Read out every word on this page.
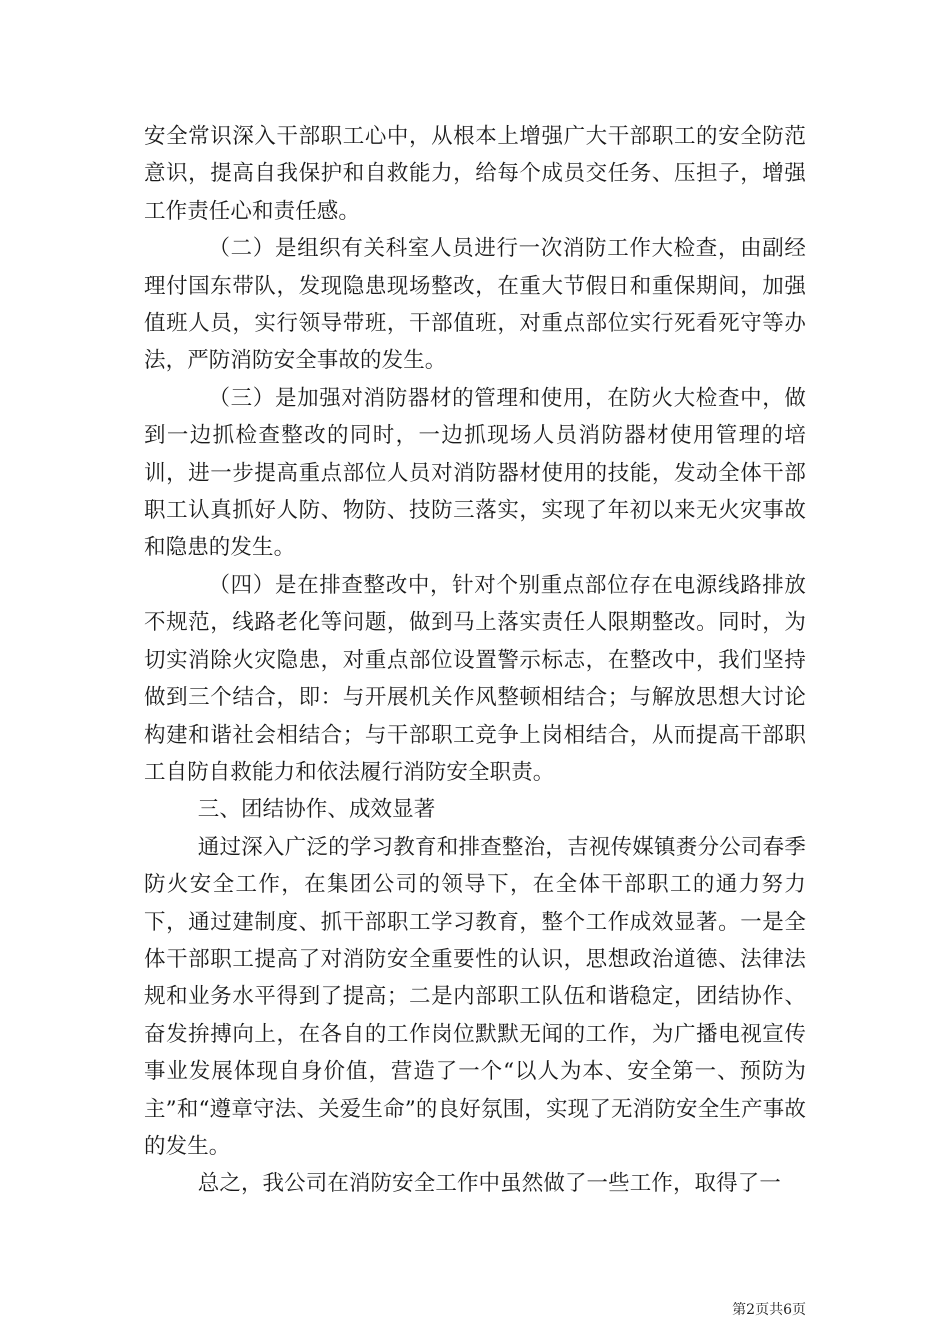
安全常识深入干部职工心中，从根本上增强广大干部职工的安全防范意识，提高自我保护和自救能力，给每个成员交任务、压担子，增强工作责任心和责任感。

（二）是组织有关科室人员进行一次消防工作大检查，由副经理付国东带队，发现隐患现场整改，在重大节假日和重保期间，加强值班人员，实行领导带班，干部值班，对重点部位实行死看死守等办法，严防消防安全事故的发生。

（三）是加强对消防器材的管理和使用，在防火大检查中，做到一边抓检查整改的同时，一边抓现场人员消防器材使用管理的培训，进一步提高重点部位人员对消防器材使用的技能，发动全体干部职工认真抓好人防、物防、技防三落实，实现了年初以来无火灾事故和隐患的发生。

（四）是在排查整改中，针对个别重点部位存在电源线路排放不规范，线路老化等问题，做到马上落实责任人限期整改。同时，为切实消除火灾隐患，对重点部位设置警示标志，在整改中，我们坚持做到三个结合，即：与开展机关作风整顿相结合；与解放思想大讨论构建和谐社会相结合；与干部职工竞争上岗相结合，从而提高干部职工自防自救能力和依法履行消防安全职责。

三、团结协作、成效显著

通过深入广泛的学习教育和排查整治，吉视传媒镇赉分公司春季防火安全工作，在集团公司的领导下，在全体干部职工的通力努力下，通过建制度、抓干部职工学习教育，整个工作成效显著。一是全体干部职工提高了对消防安全重要性的认识，思想政治道德、法律法规和业务水平得到了提高；二是内部职工队伍和谐稳定，团结协作、奋发拚搏向上，在各自的工作岗位默默无闻的工作，为广播电视宣传事业发展体现自身价值，营造了一个“以人为本、安全第一、预防为主”和“遵章守法、关爱生命”的良好氛围，实现了无消防安全生产事故的发生。

总之，我公司在消防安全工作中虽然做了一些工作，取得了一

第2页共6页
